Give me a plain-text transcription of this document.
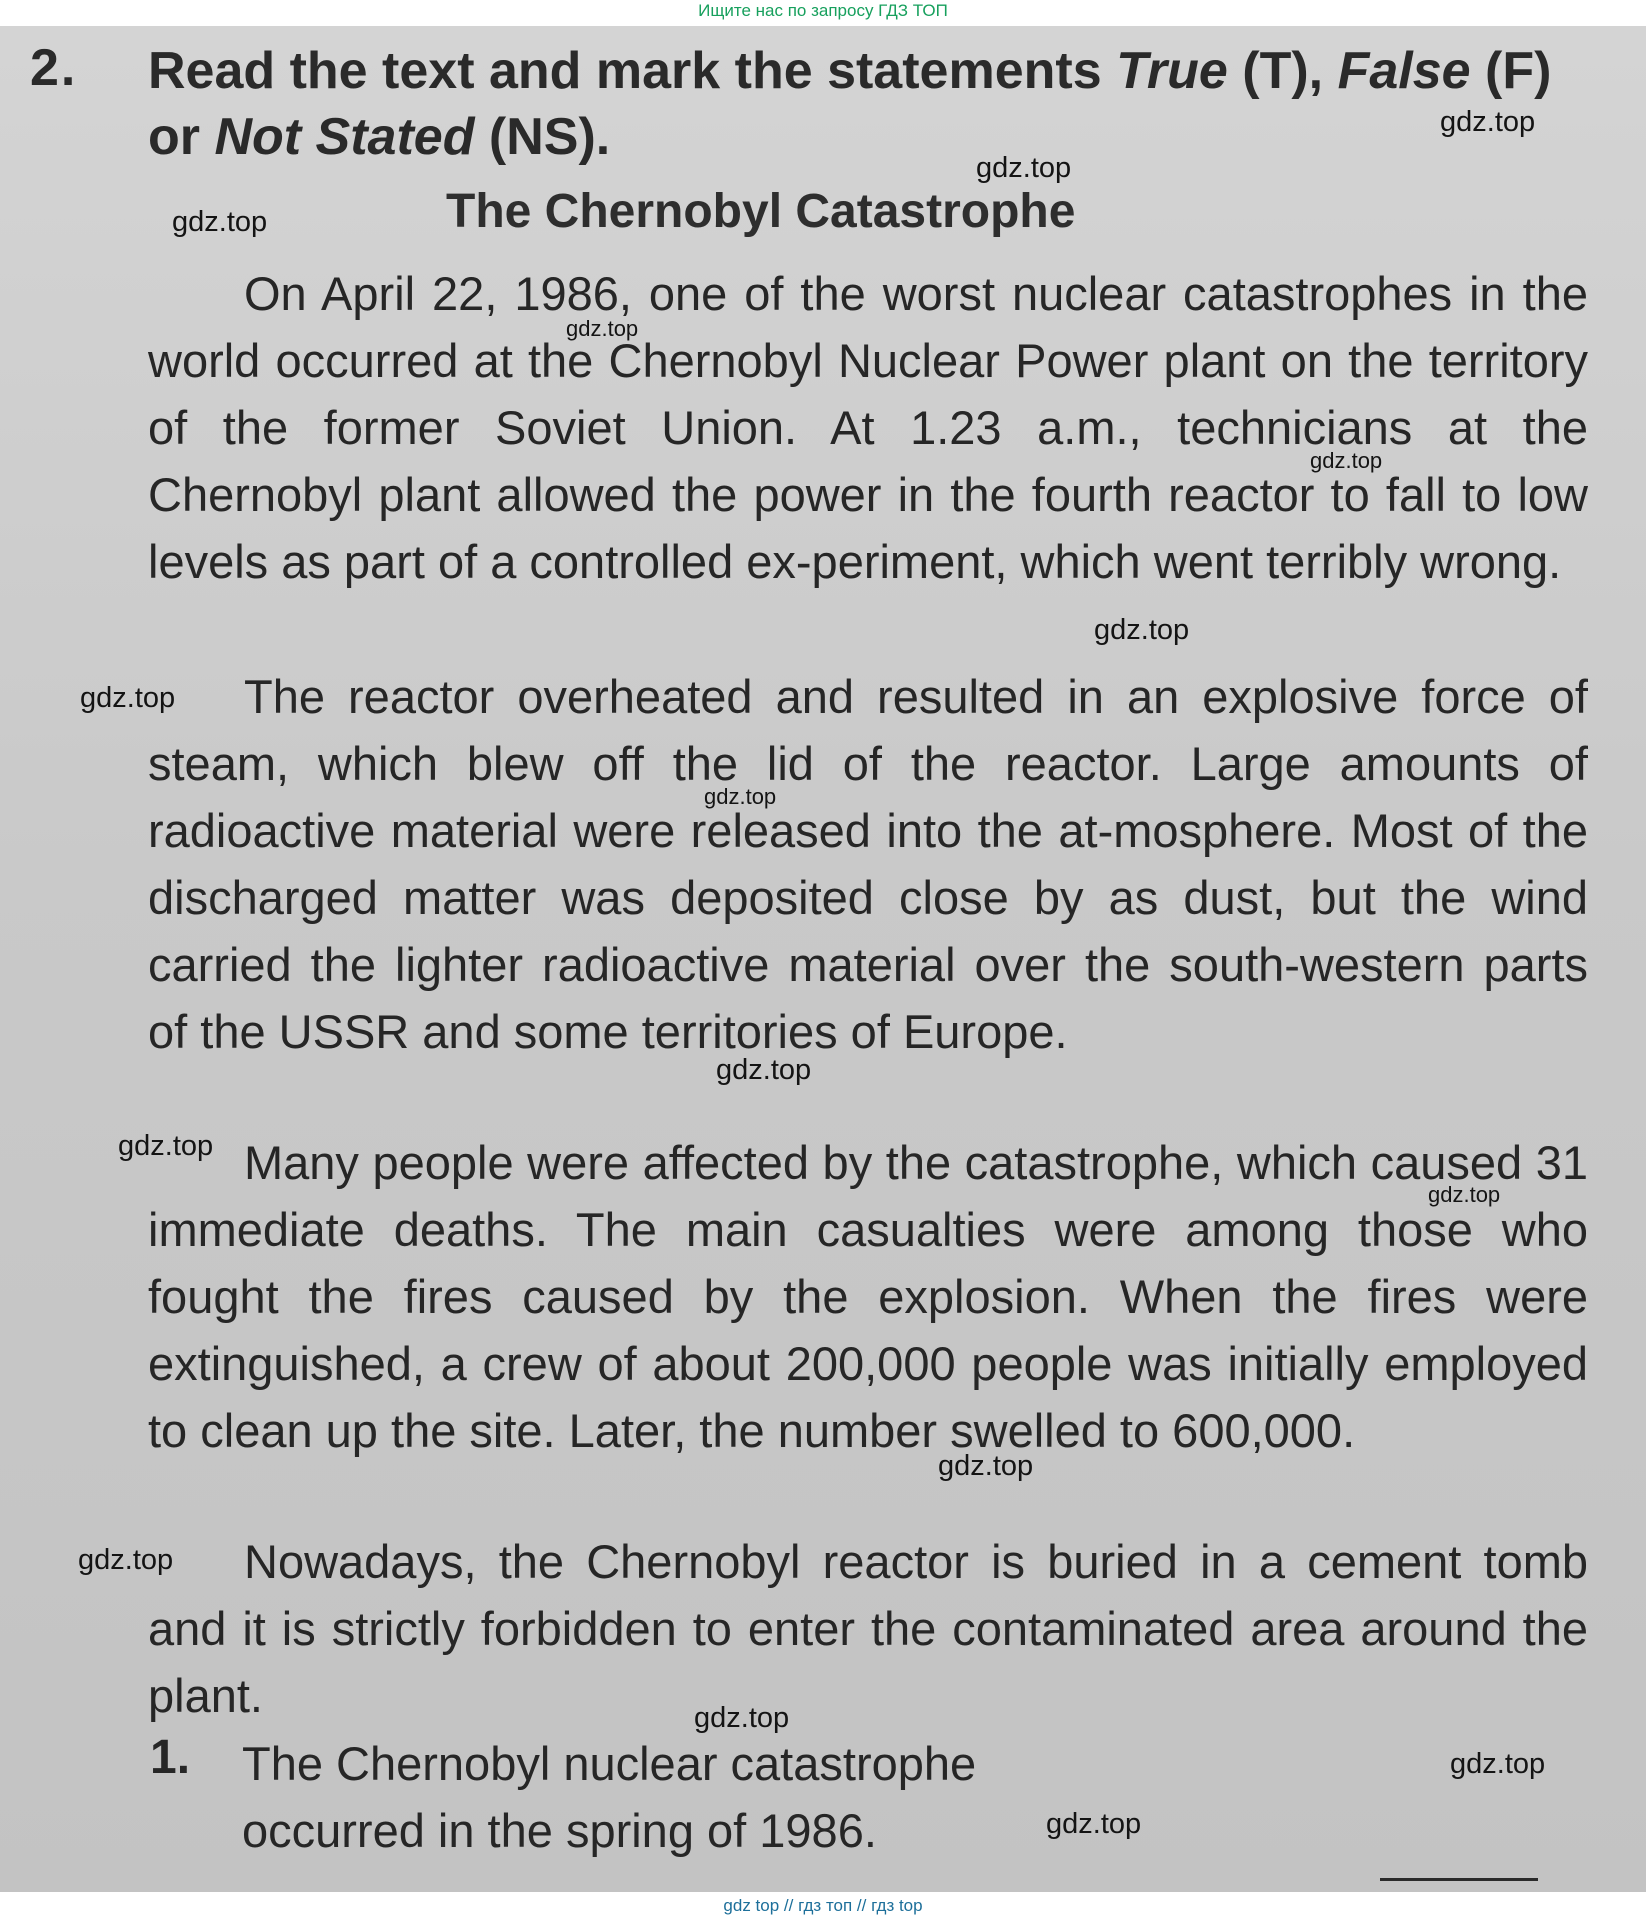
Ищите нас по запросу ГДЗ ТОП
2. Read the text and mark the statements True (T), False (F) or Not Stated (NS).
The Chernobyl Catastrophe

On April 22, 1986, one of the worst nuclear catastrophes in the world occurred at the Chernobyl Nuclear Power plant on the territory of the former Soviet Union. At 1.23 a.m., technicians at the Chernobyl plant allowed the power in the fourth reactor to fall to low levels as part of a controlled ex-periment, which went terribly wrong.

The reactor overheated and resulted in an explosive force of steam, which blew off the lid of the reactor. Large amounts of radioactive material were released into the at-mosphere. Most of the discharged matter was deposited close by as dust, but the wind carried the lighter radioactive material over the south-western parts of the USSR and some territories of Europe.

Many people were affected by the catastrophe, which caused 31 immediate deaths. The main casualties were among those who fought the fires caused by the explosion. When the fires were extinguished, a crew of about 200,000 people was initially employed to clean up the site. Later, the number swelled to 600,000.

Nowadays, the Chernobyl reactor is buried in a cement tomb and it is strictly forbidden to enter the contaminated area around the plant.

1. The Chernobyl nuclear catastrophe
occurred in the spring of 1986.
gdz.top
gdz.top
gdz.top
gdz.top
gdz.top
gdz.top
gdz.top
gdz.top
gdz.top
gdz.top
gdz.top
gdz.top
gdz.top
gdz.top
gdz.top
gdz.top
gdz top // гдз топ // гдз top
